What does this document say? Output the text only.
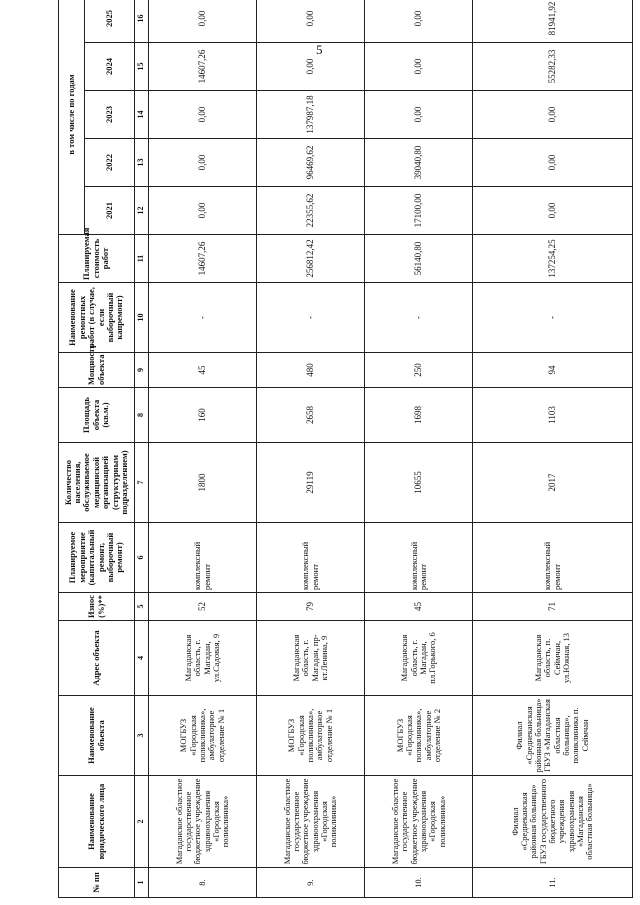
5
№ пп	Наименование юридического лица	Наименование объекта	Адрес объекта	Износ (%)**	Планируемое мероприятие (капитальный ремонт, выборочный ремонт)	Количество населения, обслуживаемое медицинской организацией (структурным подразделением)	Площадь объекта (кв.м.)	Мощность объекта	Наименование ремонтных работ (в случае, если выборочный капремонт)	Планируемая стоимость работ	в том числе по годам				
											2021	2022	2023	2024	2025
1	2	3	4	5	6	7	8	9	10	11	12	13	14	15	16
8.	Магаданское областное государственное бюджетное учреждение здравоохранения «Городская поликлиника»	МОГБУЗ «Городская поликлиника», амбулаторное отделение № 1	Магаданская область, г. Магадан, ул.Садовая, 9	52	комплексный ремонт	1800	160	45	-	14607,26	0,00	0,00	0,00	14607,26	0,00
9.	Магаданское областное государственное бюджетное учреждение здравоохранения «Городская поликлиника»	МОГБУЗ «Городская поликлиника», амбулаторное отделение № 1	Магаданская область, г. Магадан, пр-кт.Ленина, 9	79	комплексный ремонт	29119	2658	480	-	256812,42	22355,62	96469,62	137987,18	0,00	0,00
10.	Магаданское областное государственное бюджетное учреждение здравоохранения «Городская поликлиника»	МОГБУЗ «Городская поликлиника», амбулаторное отделение № 2	Магаданская область, г. Магадан, пл.Горького, 6	45	комплексный ремонт	10655	1698	250	-	56140,80	17100,00	39040,80	0,00	0,00	0,00
11.	Филиал «Среднеканская районная больница» ГБУЗ государственного бюджетного учреждения здравоохранения «Магаданская областная больница»	Филиал «Среднеканская районная больница» ГБУЗ «Магаданская областная больница», поликлиника п. Сеймчан	Магаданская область, п. Сеймчан, ул.Южная, 13	71	комплексный ремонт	2017	1103	94	-	137254,25	0,00	0,00	0,00	55282,33	81941,92
